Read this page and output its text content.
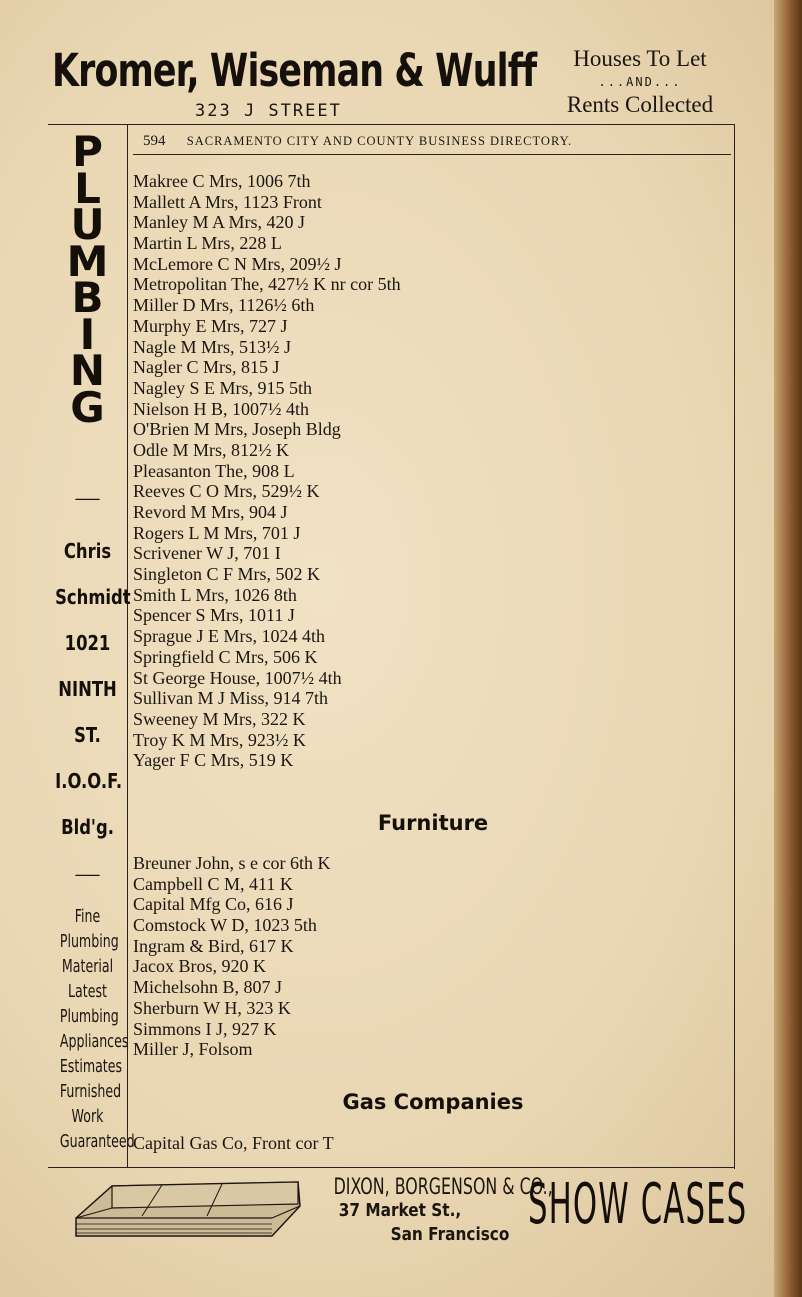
Kromer, Wiseman & Wulff
323 J STREET
Houses To Let
...AND...
Rents Collected
594 SACRAMENTO CITY AND COUNTY BUSINESS DIRECTORY.
P
L
U
M
B
I
N
G
—
Chris
Schmidt
1021
NINTH
ST.
I.O.O.F.
Bld'g.
—
Fine
Plumbing
Material
Latest
Plumbing
Appliances
Estimates
Furnished
Work
Guaranteed
Makree C Mrs, 1006 7th
Mallett A Mrs, 1123 Front
Manley M A Mrs, 420 J
Martin L Mrs, 228 L
McLemore C N Mrs, 209½ J
Metropolitan The, 427½ K nr cor 5th
Miller D Mrs, 1126½ 6th
Murphy E Mrs, 727 J
Nagle M Mrs, 513½ J
Nagler C Mrs, 815 J
Nagley S E Mrs, 915 5th
Nielson H B, 1007½ 4th
O'Brien M Mrs, Joseph Bldg
Odle M Mrs, 812½ K
Pleasanton The, 908 L
Reeves C O Mrs, 529½ K
Revord M Mrs, 904 J
Rogers L M Mrs, 701 J
Scrivener W J, 701 I
Singleton C F Mrs, 502 K
Smith L Mrs, 1026 8th
Spencer S Mrs, 1011 J
Sprague J E Mrs, 1024 4th
Springfield C Mrs, 506 K
St George House, 1007½ 4th
Sullivan M J Miss, 914 7th
Sweeney M Mrs, 322 K
Troy K M Mrs, 923½ K
Yager F C Mrs, 519 K
Furniture
Breuner John, s e cor 6th K
Campbell C M, 411 K
Capital Mfg Co, 616 J
Comstock W D, 1023 5th
Ingram & Bird, 617 K
Jacox Bros, 920 K
Michelsohn B, 807 J
Sherburn W H, 323 K
Simmons I J, 927 K
Miller J, Folsom
Gas Companies
Capital Gas Co, Front cor T
DIXON, BORGENSON & CO.,
37 Market St.,
San Francisco SHOW CASES
